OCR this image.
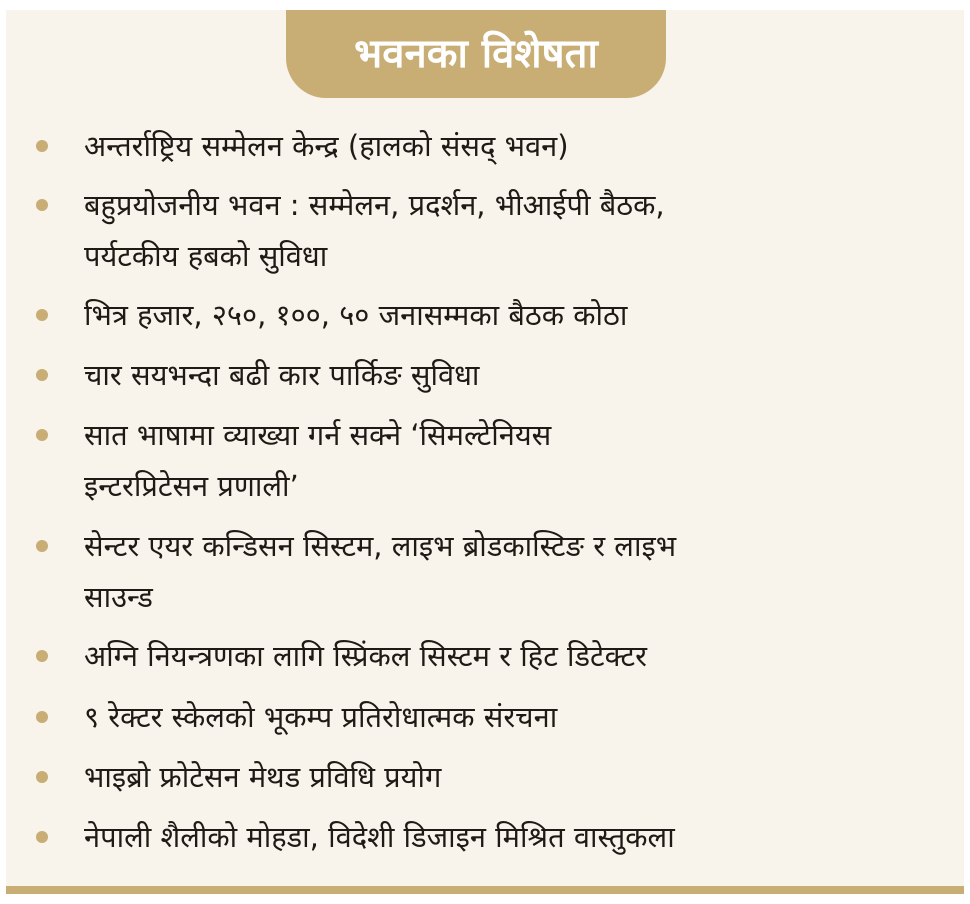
भवनका विशेषता
अन्तर्राष्ट्रिय सम्मेलन केन्द्र (हालको संसद् भवन)
बहुप्रयोजनीय भवन : सम्मेलन, प्रदर्शन, भीआईपी बैठक,
पर्यटकीय हबको सुविधा
भित्र हजार, २५०, १००, ५० जनासम्मका बैठक कोठा
चार सयभन्दा बढी कार पार्किङ सुविधा
सात भाषामा व्याख्या गर्न सक्ने ‘सिमल्टेनियस
इन्टरप्रिटेसन प्रणाली’
सेन्टर एयर कन्डिसन सिस्टम, लाइभ ब्रोडकास्टिङ र लाइभ
साउन्ड
अग्नि नियन्त्रणका लागि स्प्रिंकल सिस्टम र हिट डिटेक्टर
९ रेक्टर स्केलको भूकम्प प्रतिरोधात्मक संरचना
भाइब्रो फ्रोटेसन मेथड प्रविधि प्रयोग
नेपाली शैलीको मोहडा, विदेशी डिजाइन मिश्रित वास्तुकला
